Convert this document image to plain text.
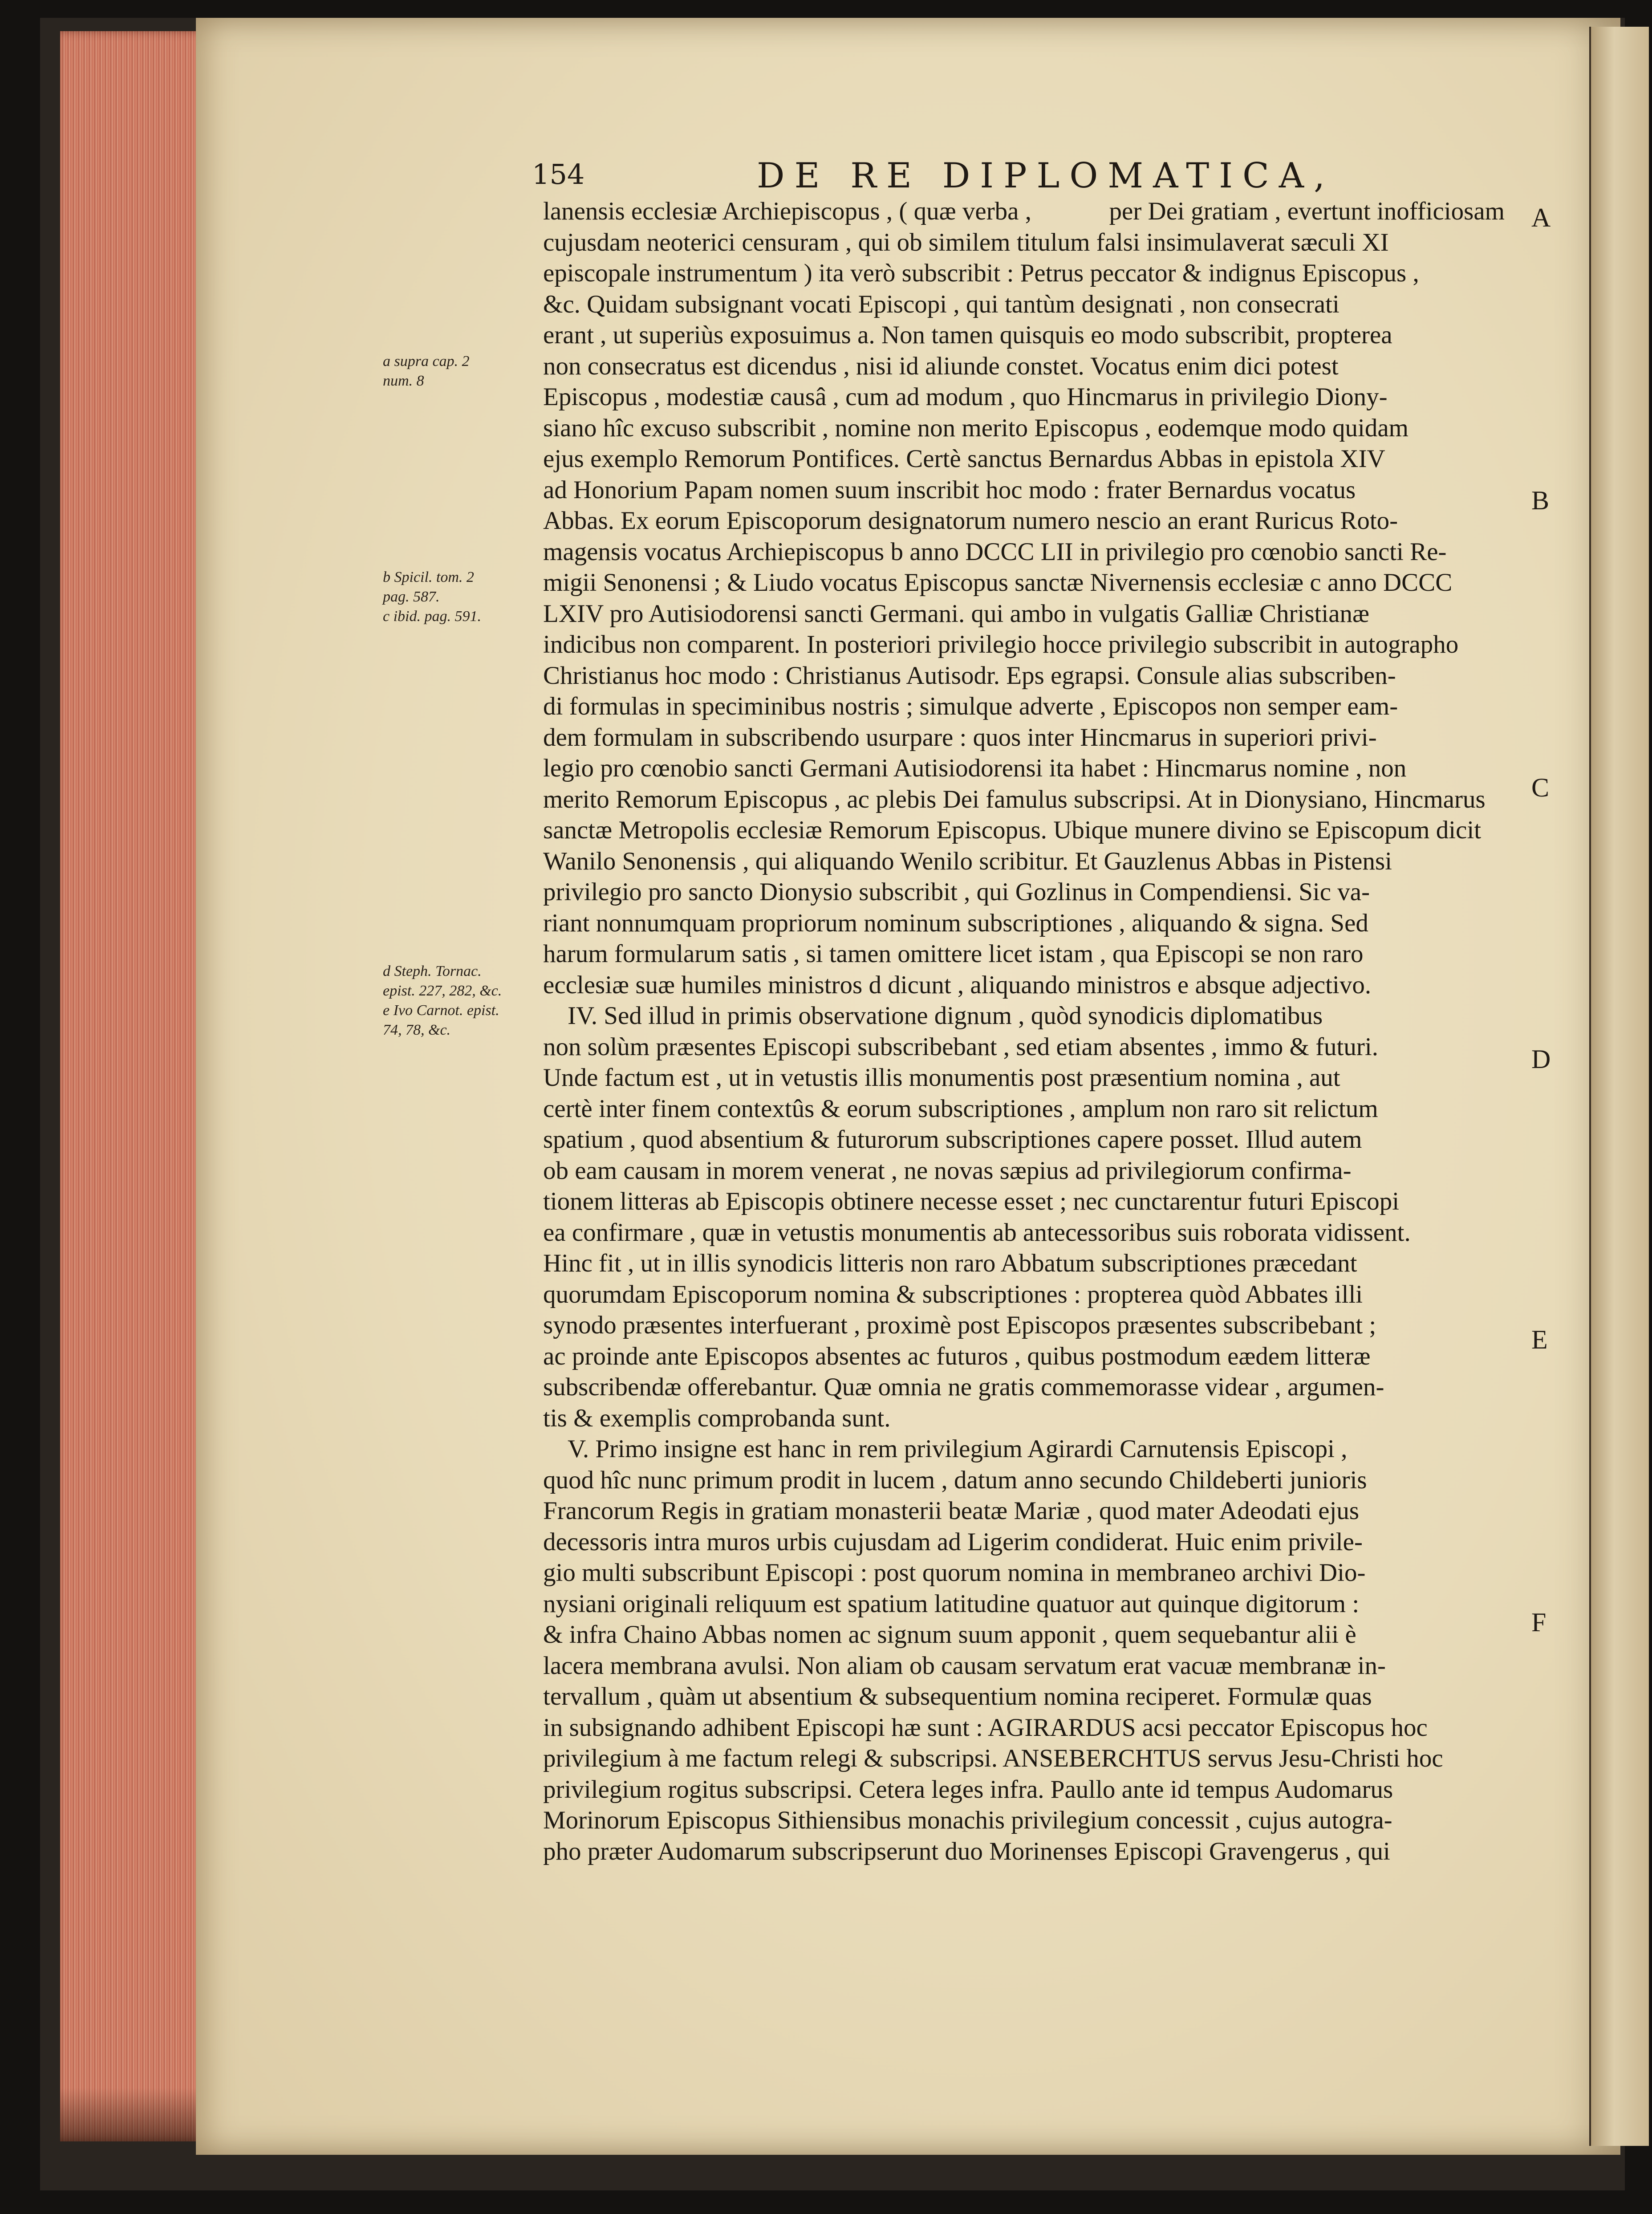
154	DE RE DIPLOMATICA,
A
B
C
D
E
F
a supra cap. 2
num. 8
b Spicil. tom. 2
pag. 587.
c ibid. pag. 591.
d Steph. Tornac.
epist. 227, 282, &c.
e Ivo Carnot. epist.
74, 78, &c.
lanensis ecclesiæ Archiepiscopus , ( quæ verba ,	per Dei gratiam , evertunt inofficiosam
cujusdam neoterici censuram , qui ob similem titulum falsi insimulaverat sæculi XI
episcopale instrumentum ) ita verò subscribit : Petrus peccator & indignus Episcopus ,
&c. Quidam subsignant vocati Episcopi , qui tantùm designati , non consecrati
erant , ut superiùs exposuimus a. Non tamen quisquis eo modo subscribit, propterea
non consecratus est dicendus , nisi id aliunde constet. Vocatus enim dici potest
Episcopus , modestiæ causâ , cum ad modum , quo Hincmarus in privilegio Diony-
siano hîc excuso subscribit , nomine non merito Episcopus , eodemque modo quidam
ejus exemplo Remorum Pontifices. Certè sanctus Bernardus Abbas in epistola XIV
ad Honorium Papam nomen suum inscribit hoc modo : frater Bernardus vocatus
Abbas. Ex eorum Episcoporum designatorum numero nescio an erant Ruricus Roto-
magensis vocatus Archiepiscopus b anno DCCC LII in privilegio pro cœnobio sancti Re-
migii Senonensi ; & Liudo vocatus Episcopus sanctæ Nivernensis ecclesiæ c anno DCCC
LXIV pro Autisiodorensi sancti Germani. qui ambo in vulgatis Galliæ Christianæ
indicibus non comparent. In posteriori privilegio hocce privilegio subscribit in autographo
Christianus hoc modo : Christianus Autisodr. Eps egrapsi. Consule alias subscriben-
di formulas in speciminibus nostris ; simulque adverte , Episcopos non semper eam-
dem formulam in subscribendo usurpare : quos inter Hincmarus in superiori privi-
legio pro cœnobio sancti Germani Autisiodorensi ita habet : Hincmarus nomine , non
merito Remorum Episcopus , ac plebis Dei famulus subscripsi. At in Dionysiano, Hincmarus
sanctæ Metropolis ecclesiæ Remorum Episcopus. Ubique munere divino se Episcopum dicit
Wanilo Senonensis , qui aliquando Wenilo scribitur. Et Gauzlenus Abbas in Pistensi
privilegio pro sancto Dionysio subscribit , qui Gozlinus in Compendiensi. Sic va-
riant nonnumquam propriorum nominum subscriptiones , aliquando & signa. Sed
harum formularum satis , si tamen omittere licet istam , qua Episcopi se non raro
ecclesiæ suæ humiles ministros d dicunt , aliquando ministros e absque adjectivo.
IV. Sed illud in primis observatione dignum , quòd synodicis diplomatibus
non solùm præsentes Episcopi subscribebant , sed etiam absentes , immo & futuri.
Unde factum est , ut in vetustis illis monumentis post præsentium nomina , aut
certè inter finem contextûs & eorum subscriptiones , amplum non raro sit relictum
spatium , quod absentium & futurorum subscriptiones capere posset. Illud autem
ob eam causam in morem venerat , ne novas sæpius ad privilegiorum confirma-
tionem litteras ab Episcopis obtinere necesse esset ; nec cunctarentur futuri Episcopi
ea confirmare , quæ in vetustis monumentis ab antecessoribus suis roborata vidissent.
Hinc fit , ut in illis synodicis litteris non raro Abbatum subscriptiones præcedant
quorumdam Episcoporum nomina & subscriptiones : propterea quòd Abbates illi
synodo præsentes interfuerant , proximè post Episcopos præsentes subscribebant ;
ac proinde ante Episcopos absentes ac futuros , quibus postmodum eædem litteræ
subscribendæ offerebantur. Quæ omnia ne gratis commemorasse videar , argumen-
tis & exemplis comprobanda sunt.
V. Primo insigne est hanc in rem privilegium Agirardi Carnutensis Episcopi ,
quod hîc nunc primum prodit in lucem , datum anno secundo Childeberti junioris
Francorum Regis in gratiam monasterii beatæ Mariæ , quod mater Adeodati ejus
decessoris intra muros urbis cujusdam ad Ligerim condiderat. Huic enim privile-
gio multi subscribunt Episcopi : post quorum nomina in membraneo archivi Dio-
nysiani originali reliquum est spatium latitudine quatuor aut quinque digitorum :
& infra Chaino Abbas nomen ac signum suum apponit , quem sequebantur alii è
lacera membrana avulsi. Non aliam ob causam servatum erat vacuæ membranæ in-
tervallum , quàm ut absentium & subsequentium nomina reciperet. Formulæ quas
in subsignando adhibent Episcopi hæ sunt : AGIRARDUS acsi peccator Episcopus hoc
privilegium à me factum relegi & subscripsi. ANSEBERCHTUS servus Jesu-Christi hoc
privilegium rogitus subscripsi. Cetera leges infra. Paullo ante id tempus Audomarus
Morinorum Episcopus Sithiensibus monachis privilegium concessit , cujus autogra-
pho præter Audomarum subscripserunt duo Morinenses Episcopi Gravengerus , qui
